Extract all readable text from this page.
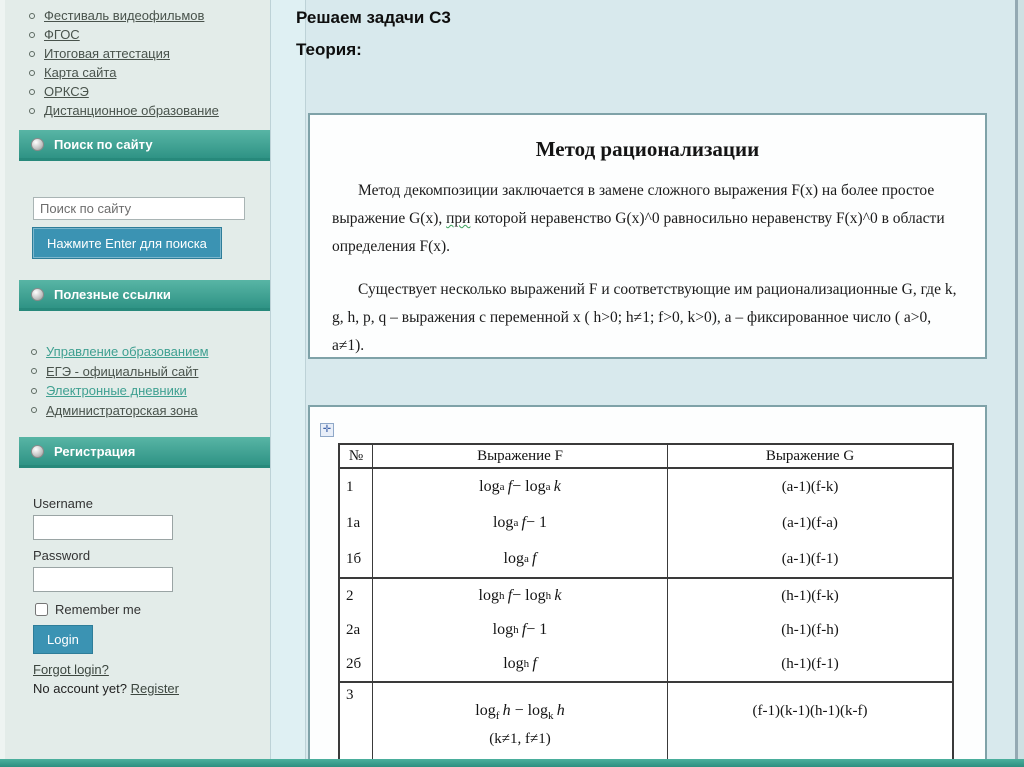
Фестиваль видеофильмов
ФГОС
Итоговая аттестация
Карта сайта
ОРКСЭ
Дистанционное образование
Поиск по сайту
Поиск по сайту
Нажмите Enter для поиска
Полезные ссылки
Управление образованием
ЕГЭ - официальный сайт
Электронные дневники
Администраторская зона
Регистрация
Username
Password
Remember me
Login
Forgot login?
No account yet? Register
Решаем задачи С3
Теория:
Метод рационализации
Метод декомпозиции заключается в замене сложного выражения F(x) на более простое выражение G(x), при которой неравенство G(x)^0 равносильно неравенству F(x)^0 в области определения F(x).
Существует несколько выражений F и соответствующие им рационализационные G, где k, g, h, p, q – выражения с переменной x ( h>0; h≠1; f>0, k>0), a – фиксированное число ( a>0, a≠1).
✛
№	Выражение F	Выражение G
1
1а
1б
log a
  f − log a
  k
log a
  f − 1
log a
  f
(a-1)(f-k)
(a-1)(f-a)
(a-1)(f-1)
2
2а
2б
log h
  f − log h
  k
log h
  f − 1
log h
  f
(h-1)(f-k)
(h-1)(f-h)
(h-1)(f-1)
3
$\log_f h - \log_k h$
(k≠1, f≠1)
(f-1)(k-1)(h-1)(k-f)
